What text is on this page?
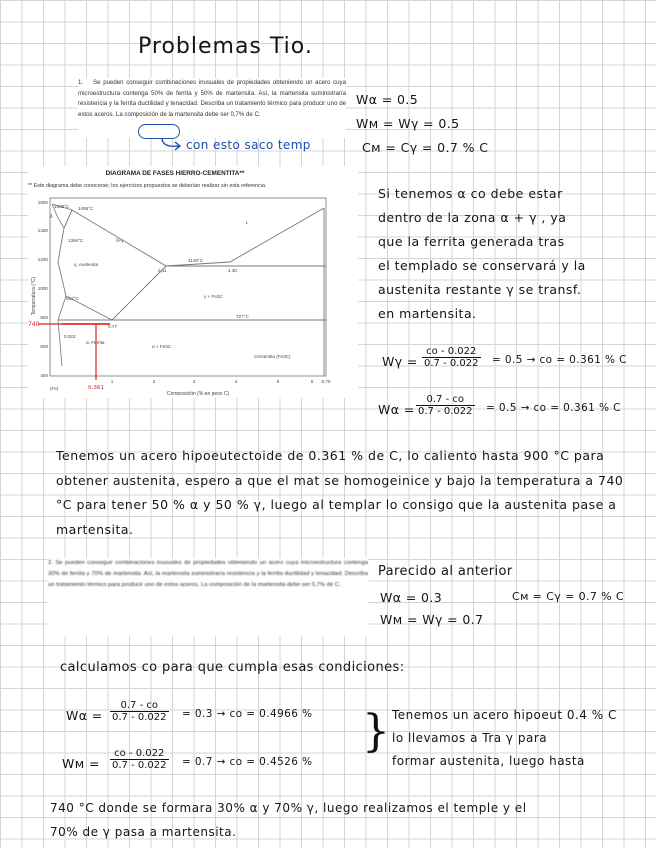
Problemas Tio.
1. Se pueden conseguir combinaciones inusuales de propiedades obteniendo un acero cuya microestructura contenga 50% de ferrita y 50% de martensita. Así, la martensita suministraría resistencia y la ferrita ductilidad y tenacidad. Describa un tratamiento térmico para producir uno de estos aceros. La composición de la martensita debe ser 0,7% de C.
con esto saco temp
Wα = 0.5
Wм = Wγ = 0.5
Cм = Cγ = 0.7 % C
DIAGRAMA DE FASES HIERRO-CEMENTITA**
** Este diagrama debe conocerse; los ejercicios propuestos se deberían realizar sin esta referencia.
Temperatura (°C)
Composición (% en peso C)
1600
1400
1200
1000
800
600
400
1	2	3	4	5	6 6,70
740
0.361
1538°C 1495°C
1394°C	δ+γ
L
1148°C
γ, Austenita
2,11	4,30
γ + Fe3C
912°C
727°C
0,77
0,022
α, Ferrita
α + Fe3C
Cementita (Fe3C)
(Fe)
δ
Si tenemos α co debe estar
dentro de la zona α + γ , ya
que la ferrita generada tras
el templado se conservará y la
austenita restante γ se transf.
en martensita.
$W\gamma = \frac{co - 0.022}{0.7 - 0.022} = 0.5$ → co = 0.361 % C
$W\alpha = \frac{0.7 - co}{0.7 - 0.022} = 0.5$ → co = 0.361 % C
Tenemos un acero hipoeutectoide de 0.361 % de C, lo caliento hasta 900 °C para obtener austenita, espero a que el mat se homogeinice y bajo la temperatura a 740 °C para tener 50 % α y 50 % γ, luego al templar lo consigo que la austenita pase a martensita.
2. Se pueden conseguir combinaciones inusuales de propiedades obteniendo un acero cuya microestructura contenga 30% de ferrita y 70% de martensita. Así, la martensita suministraría resistencia y la ferrita ductilidad y tenacidad. Describa un tratamiento térmico para producir uno de estos aceros. La composición de la martensita debe ser 0,7% de C.
Parecido al anterior
Wα = 0.3	Cм = Cγ = 0.7 % C
Wм = Wγ = 0.7
calculamos co para que cumpla esas condiciones:
$W\alpha = \frac{0.7 - co}{0.7 - 0.022} = 0.3$ → co = 0.4966 %
Wм = $\frac{co - 0.022}{0.7 - 0.022} = 0.7$ → co = 0.4526 %
} Tenemos un acero hipoeut 0.4 % C
lo llevamos a Tra γ para
formar austenita, luego hasta
740 °C donde se formara 30% α y 70% γ, luego realizamos el temple y el
70% de γ pasa a martensita.
